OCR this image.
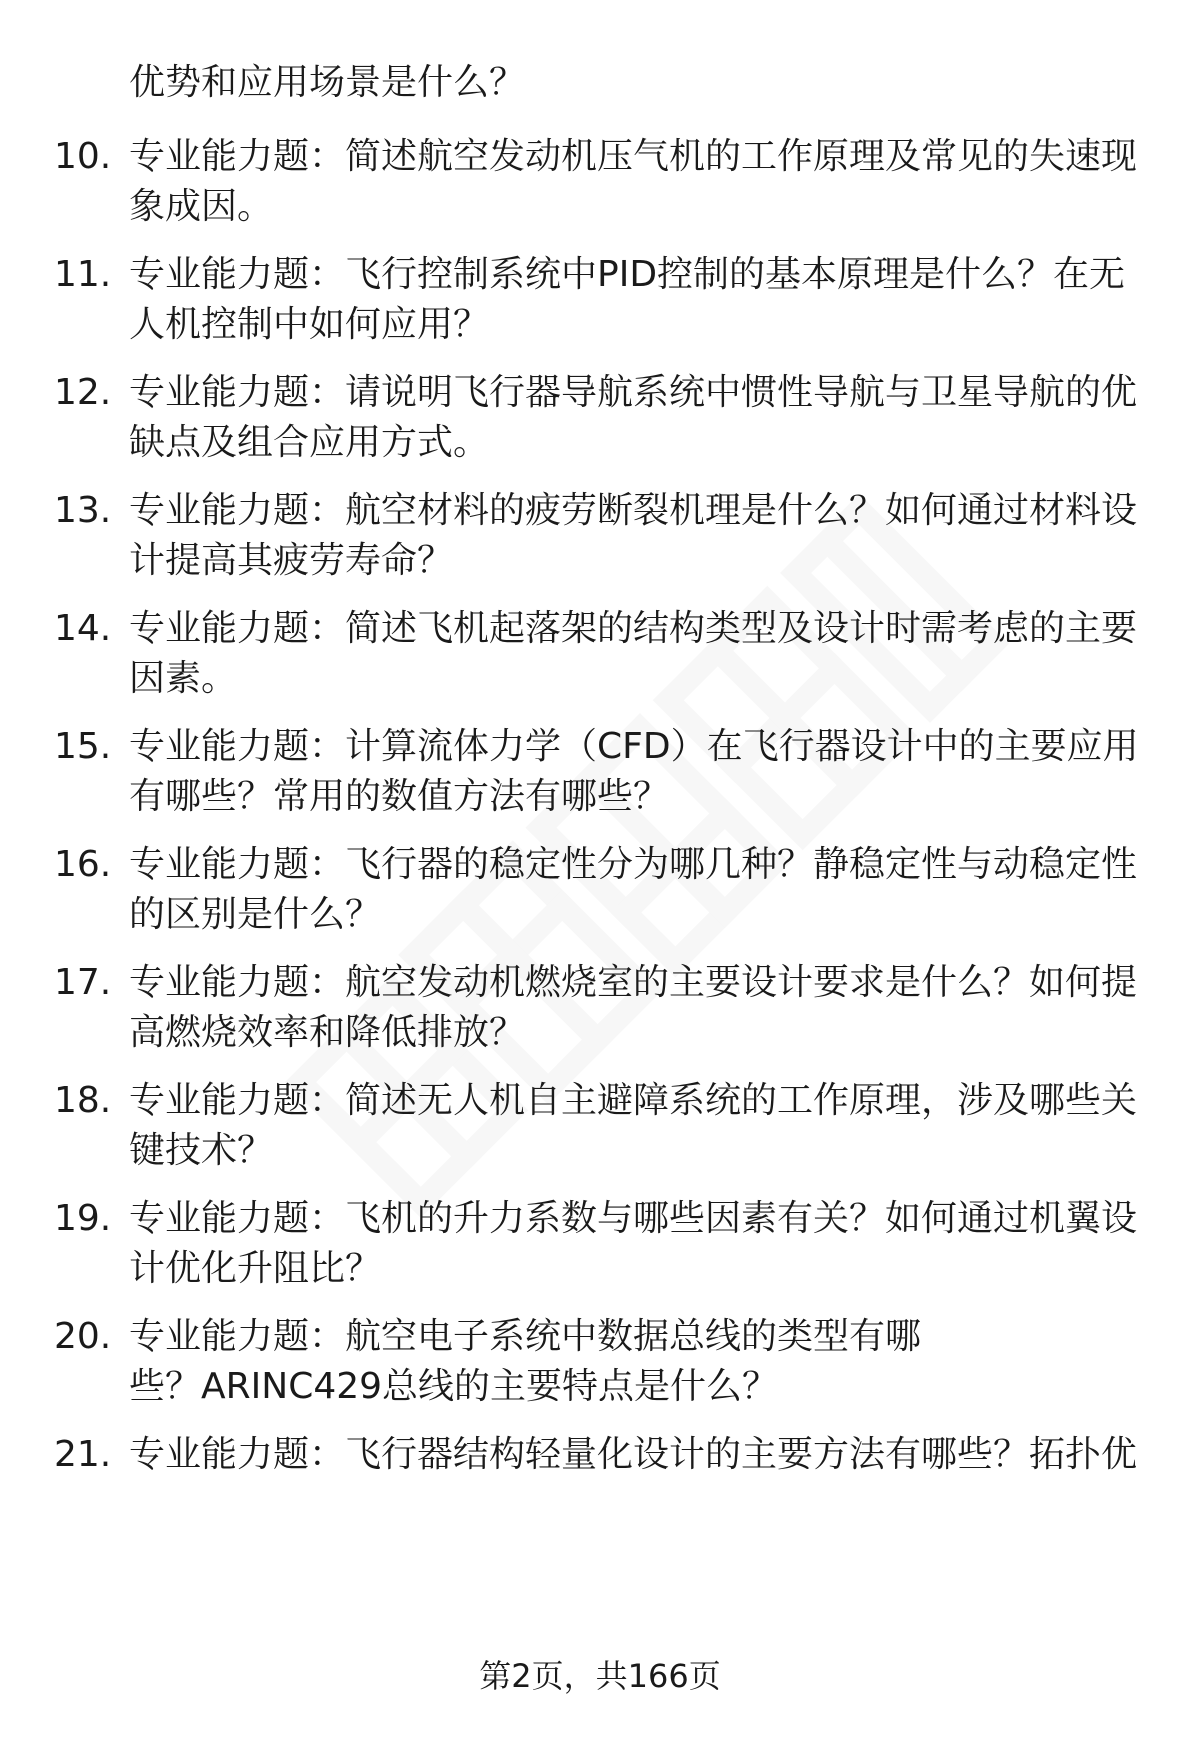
优势和应用场景是什么？
10. 专业能力题：简述航空发动机压气机的工作原理及常见的失速现
象成因。
11. 专业能力题：飞行控制系统中PID控制的基本原理是什么？在无
人机控制中如何应用？
12. 专业能力题：请说明飞行器导航系统中惯性导航与卫星导航的优
缺点及组合应用方式。
13. 专业能力题：航空材料的疲劳断裂机理是什么？如何通过材料设
计提高其疲劳寿命？
14. 专业能力题：简述飞机起落架的结构类型及设计时需考虑的主要
因素。
15. 专业能力题：计算流体力学（CFD）在飞行器设计中的主要应用
有哪些？常用的数值方法有哪些？
16. 专业能力题：飞行器的稳定性分为哪几种？静稳定性与动稳定性
的区别是什么？
17. 专业能力题：航空发动机燃烧室的主要设计要求是什么？如何提
高燃烧效率和降低排放？
18. 专业能力题：简述无人机自主避障系统的工作原理，涉及哪些关
键技术？
19. 专业能力题：飞机的升力系数与哪些因素有关？如何通过机翼设
计优化升阻比？
20. 专业能力题：航空电子系统中数据总线的类型有哪
些？ARINC429总线的主要特点是什么？
21. 专业能力题：飞行器结构轻量化设计的主要方法有哪些？拓扑优
第2页，共166页
